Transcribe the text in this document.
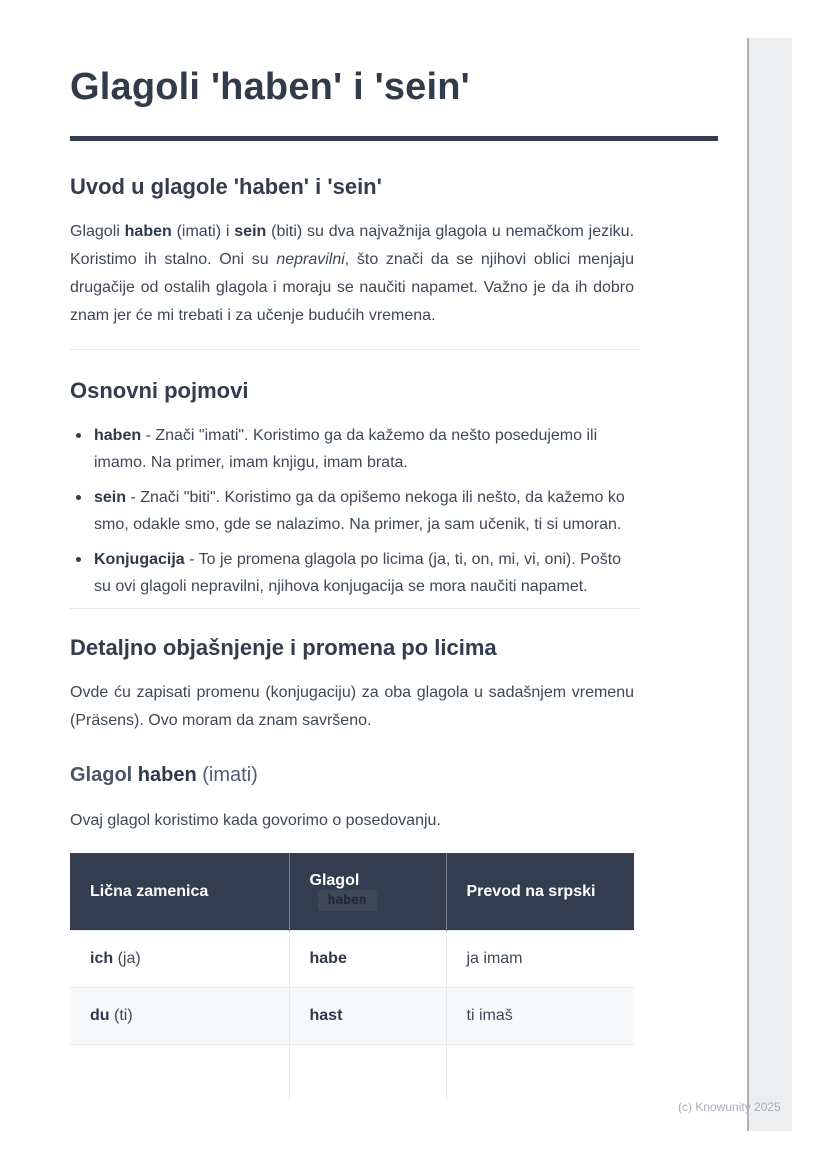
Glagoli 'haben' i 'sein'
Uvod u glagole 'haben' i 'sein'

Glagoli haben (imati) i sein (biti) su dva najvažnija glagola u nemačkom jeziku. Koristimo ih stalno. Oni su nepravilni, što znači da se njihovi oblici menjaju drugačije od ostalih glagola i moraju se naučiti napamet. Važno je da ih dobro znam jer će mi trebati i za učenje budućih vremena.

Osnovni pojmovi
haben - Znači "imati". Koristimo ga da kažemo da nešto posedujemo ili imamo. Na primer, imam knjigu, imam brata.
sein - Znači "biti". Koristimo ga da opišemo nekoga ili nešto, da kažemo ko smo, odakle smo, gde se nalazimo. Na primer, ja sam učenik, ti si umoran.
Konjugacija - To je promena glagola po licima (ja, ti, on, mi, vi, oni). Pošto su ovi glagoli nepravilni, njihova konjugacija se mora naučiti napamet.
Detaljno objašnjenje i promena po licima

Ovde ću zapisati promenu (konjugaciju) za oba glagola u sadašnjem vremenu (Präsens). Ovo moram da znam savršeno.

Glagol haben (imati)

Ovaj glagol koristimo kada govorimo o posedovanju.

Lična zamenica	Glagolhaben	Prevod na srpski
ich (ja)	habe	ja imam
du (ti)	hast	ti imaš

(c) Knowunity 2025
